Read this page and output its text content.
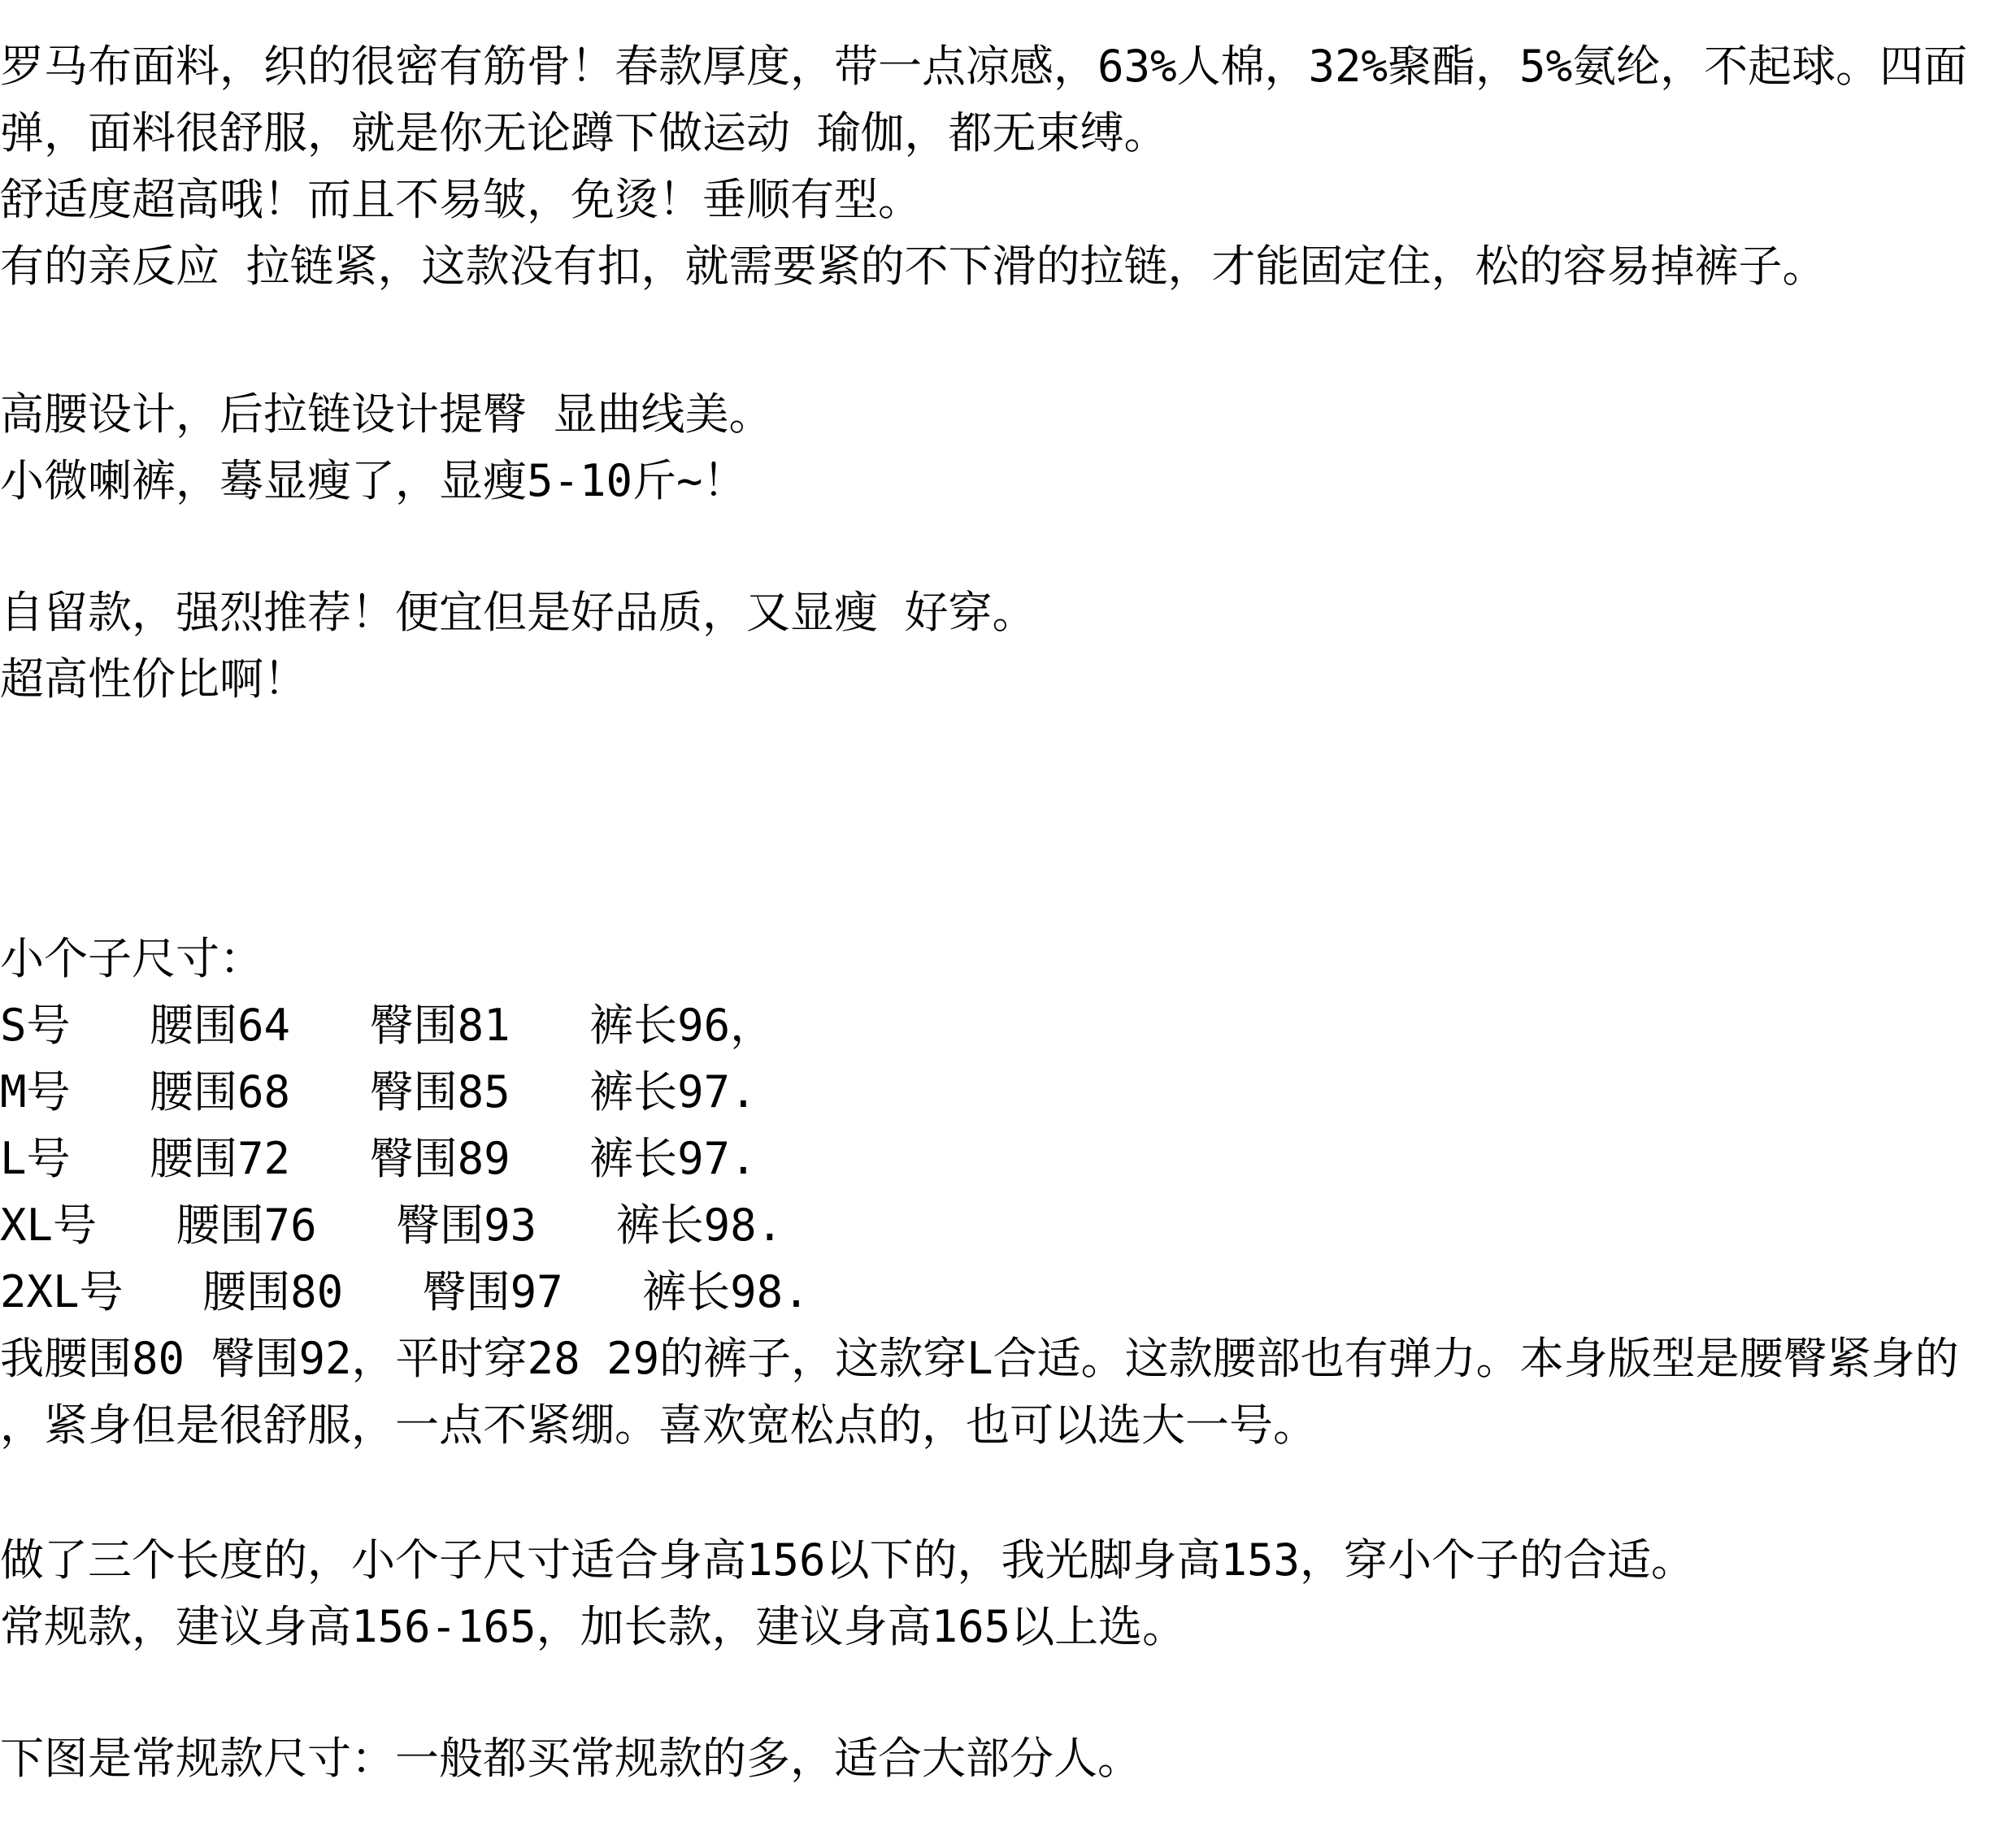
罗马布面料，织的很密有筋骨！春款厚度，带一点凉感，63%人棉，32%聚酯，5%氨纶，不起球。四面
弹，面料很舒服，就是你无论蹲下做运动 瑜伽，都无束缚。
舒适度超高哦！而且不易皱，免烫！垂顺有型。
有的亲反应 拉链紧，这款没有扣，就需要紧的不下滑的拉链，才能固定住，松的容易掉裤子。
高腰设计，后拉链设计提臀 显曲线美。
小微喇裤，蓦显瘦了，显瘦5-10斤~！
自留款，强烈推荐！便宜但是好品质，又显瘦 好穿。
超高性价比啊！
小个子尺寸：
S号   腰围64   臀围81   裤长96，
M号   腰围68   臀围85   裤长97.
L号   腰围72   臀围89   裤长97.
XL号   腰围76   臀围93   裤长98.
2XL号   腰围80   臀围97   裤长98.
我腰围80 臀围92，平时穿28 29的裤子，这款穿L合适。这款腰部也有弹力。本身版型是腰臀紧身的
，紧身但是很舒服，一点不紧绷。喜欢宽松点的，也可以选大一号。
做了三个长度的，小个子尺寸适合身高156以下的，我光脚身高153，穿小个子的合适。
常规款，建议身高156-165，加长款，建议身高165以上选。
下图是常规款尺寸：一般都买常规款的多，适合大部分人。
